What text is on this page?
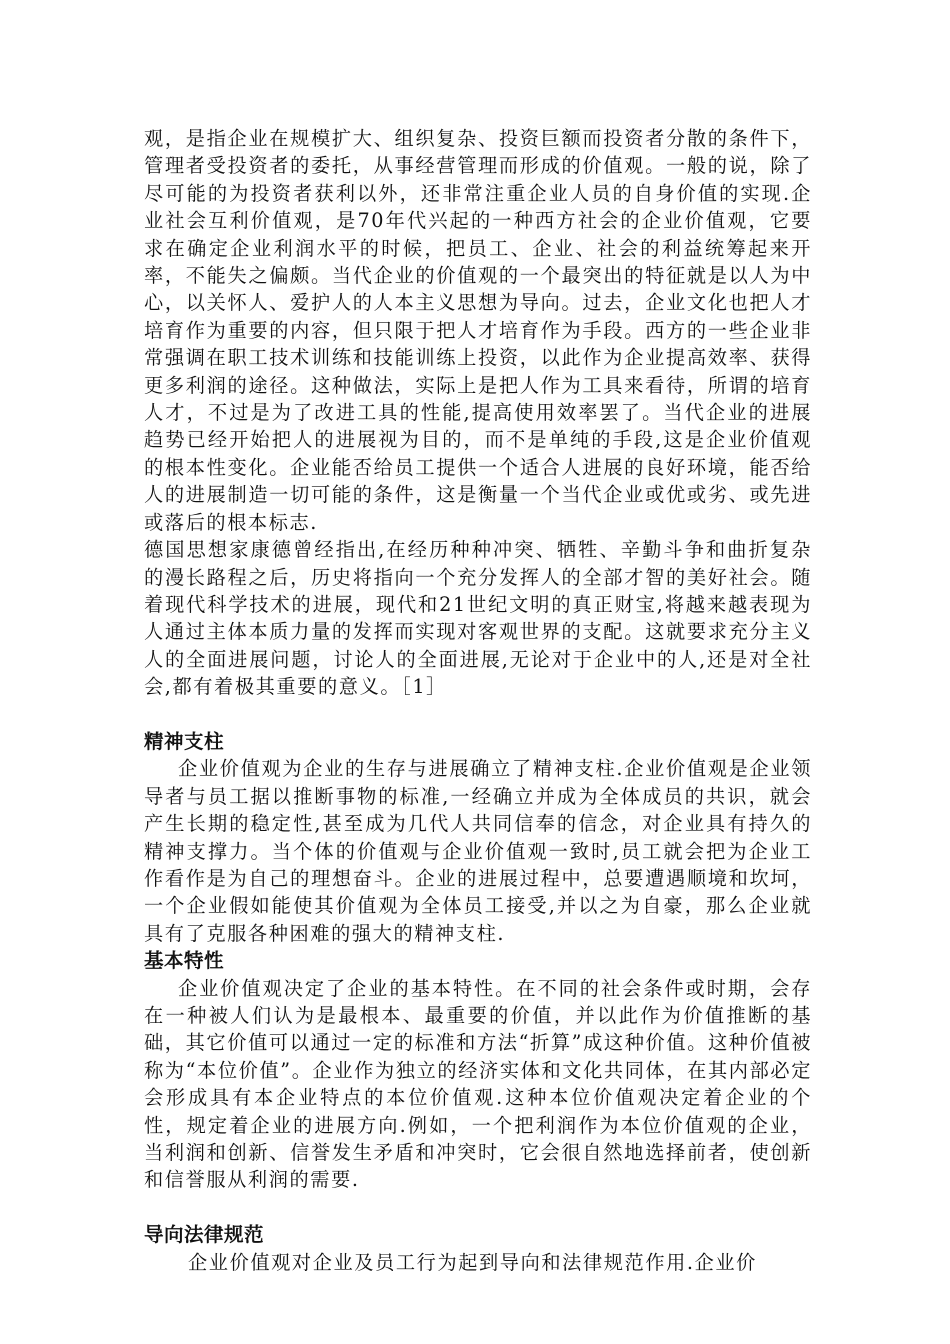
观，是指企业在规模扩大、组织复杂、投资巨额而投资者分散的条件下，管理者受投资者的委托，从事经营管理而形成的价值观。一般的说，除了尽可能的为投资者获利以外，还非常注重企业人员的自身价值的实现.企业社会互利价值观，是70年代兴起的一种西方社会的企业价值观，它要求在确定企业利润水平的时候，把员工、企业、社会的利益统筹起来开率，不能失之偏颇。当代企业的价值观的一个最突出的特征就是以人为中心，以关怀人、爱护人的人本主义思想为导向。过去，企业文化也把人才培育作为重要的内容，但只限于把人才培育作为手段。西方的一些企业非常强调在职工技术训练和技能训练上投资，以此作为企业提高效率、获得更多利润的途径。这种做法，实际上是把人作为工具来看待，所谓的培育人才，不过是为了改进工具的性能,提高使用效率罢了。当代企业的进展趋势已经开始把人的进展视为目的，而不是单纯的手段,这是企业价值观的根本性变化。企业能否给员工提供一个适合人进展的良好环境，能否给人的进展制造一切可能的条件，这是衡量一个当代企业或优或劣、或先进或落后的根本标志.

德国思想家康德曾经指出,在经历种种冲突、牺牲、辛勤斗争和曲折复杂的漫长路程之后，历史将指向一个充分发挥人的全部才智的美好社会。随着现代科学技术的进展，现代和21世纪文明的真正财宝,将越来越表现为人通过主体本质力量的发挥而实现对客观世界的支配。这就要求充分主义人的全面进展问题，讨论人的全面进展,无论对于企业中的人,还是对全社会,都有着极其重要的意义。［1］

精神支柱

企业价值观为企业的生存与进展确立了精神支柱.企业价值观是企业领导者与员工据以推断事物的标准,一经确立并成为全体成员的共识，就会产生长期的稳定性,甚至成为几代人共同信奉的信念，对企业具有持久的精神支撑力。当个体的价值观与企业价值观一致时,员工就会把为企业工作看作是为自己的理想奋斗。企业的进展过程中，总要遭遇顺境和坎坷，一个企业假如能使其价值观为全体员工接受,并以之为自豪，那么企业就具有了克服各种困难的强大的精神支柱.

基本特性

企业价值观决定了企业的基本特性。在不同的社会条件或时期，会存在一种被人们认为是最根本、最重要的价值，并以此作为价值推断的基础，其它价值可以通过一定的标准和方法“折算”成这种价值。这种价值被称为“本位价值”。企业作为独立的经济实体和文化共同体，在其内部必定会形成具有本企业特点的本位价值观.这种本位价值观决定着企业的个性，规定着企业的进展方向.例如，一个把利润作为本位价值观的企业，当利润和创新、信誉发生矛盾和冲突时，它会很自然地选择前者，使创新和信誉服从利润的需要.

导向法律规范

企业价值观对企业及员工行为起到导向和法律规范作用.企业价
